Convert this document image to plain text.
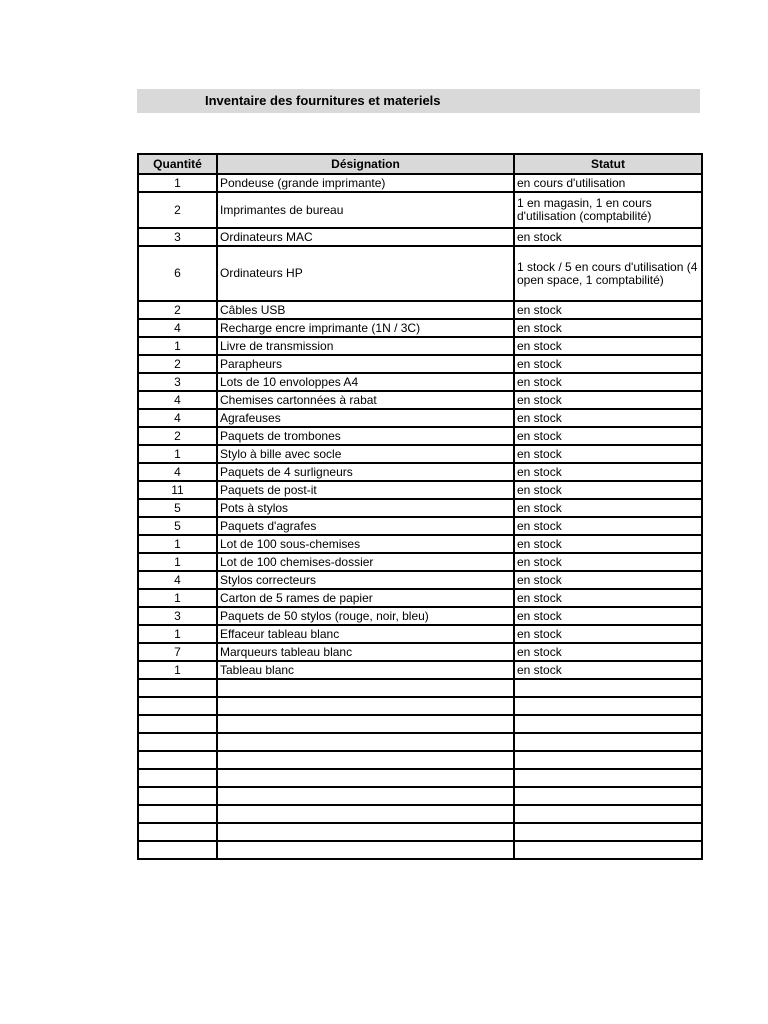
Inventaire des fournitures et materiels
Quantité	Désignation	Statut
1	Pondeuse (grande imprimante)	en cours d'utilisation
2	Imprimantes de bureau	1 en magasin, 1 en cours d'utilisation (comptabilité)
3	Ordinateurs MAC	en stock
6	Ordinateurs HP	1 stock / 5 en cours d'utilisation (4 open space, 1 comptabilité)
2	Câbles USB	en stock
4	Recharge encre imprimante (1N / 3C)	en stock
1	Livre de transmission	en stock
2	Parapheurs	en stock
3	Lots de 10 envoloppes A4	en stock
4	Chemises cartonnées à rabat	en stock
4	Agrafeuses	en stock
2	Paquets de trombones	en stock
1	Stylo à bille avec socle	en stock
4	Paquets de 4 surligneurs	en stock
11	Paquets de post-it	en stock
5	Pots à stylos	en stock
5	Paquets d'agrafes	en stock
1	Lot de 100 sous-chemises	en stock
1	Lot de 100 chemises-dossier	en stock
4	Stylos correcteurs	en stock
1	Carton de 5 rames de papier	en stock
3	Paquets de 50 stylos (rouge, noir, bleu)	en stock
1	Effaceur tableau blanc	en stock
7	Marqueurs tableau blanc	en stock
1	Tableau blanc	en stock
